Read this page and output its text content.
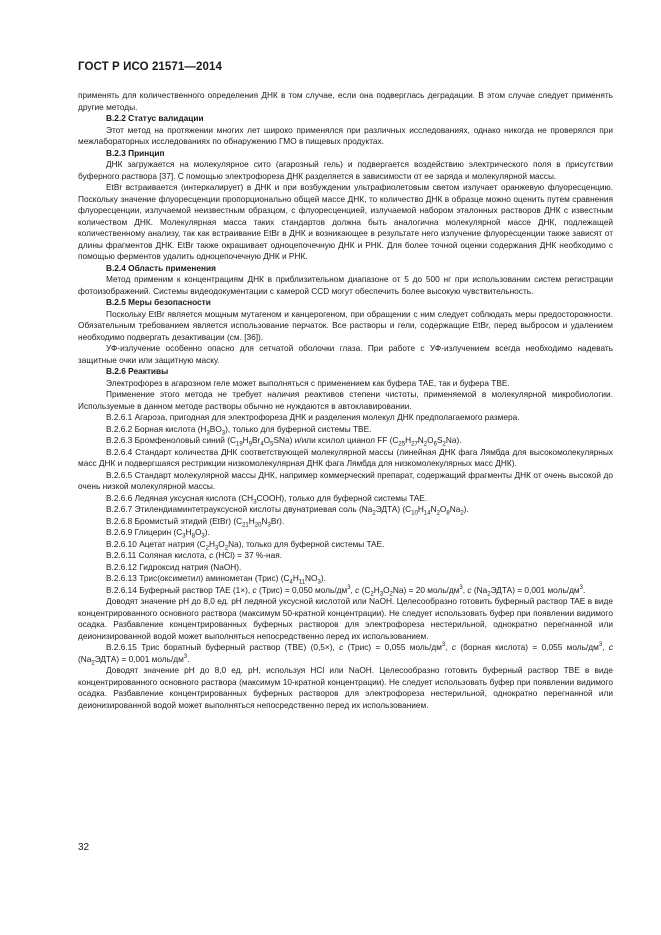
ГОСТ Р ИСО 21571—2014

применять для количественного определения ДНК в том случае, если она подверглась деградации. В этом случае следует применять другие методы.

В.2.2 Статус валидации

Этот метод на протяжении многих лет широко применялся при различных исследованиях, однако никогда не проверялся при межлабораторных исследованиях по обнаружению ГМО в пищевых продуктах.

В.2.3 Принцип

ДНК загружается на молекулярное сито (агарозный гель) и подвергается воздействию электрического поля в присутствии буферного раствора [37]. С помощью электрофореза ДНК разделяется в зависимости от ее заряда и молекулярной массы.

EtBr встраивается (интеркалирует) в ДНК и при возбуждении ультрафиолетовым светом излучает оранжевую флуоресценцию. Поскольку значение флуоресценции пропорционально общей массе ДНК, то количество ДНК в образце можно оценить путем сравнения флуоресценции, излучаемой неизвестным образцом, с флуоресценцией, излучаемой набором эталонных растворов ДНК с известным количеством ДНК. Молекулярная масса таких стандартов должна быть аналогична молекулярной массе ДНК, подлежащей количественному анализу, так как встраивание EtBr в ДНК и возникающее в результате него излучение флуоресценции также зависят от длины фрагментов ДНК. EtBr также окрашивает одноцепочечную ДНК и РНК. Для более точной оценки содержания ДНК необходимо с помощью ферментов удалить одноцепочечную ДНК и РНК.

В.2.4 Область применения

Метод применим к концентрациям ДНК в приблизительном диапазоне от 5 до 500 нг при использовании систем регистрации фотоизображений. Системы видеодокументации с камерой CCD могут обеспечить более высокую чувствительность.

В.2.5 Меры безопасности

Поскольку EtBr является мощным мутагеном и канцерогеном, при обращении с ним следует соблюдать меры предосторожности. Обязательным требованием является использование перчаток. Все растворы и гели, содержащие EtBr, перед выбросом и удалением необходимо подвергать дезактивации (см. [36]).

УФ-излучение особенно опасно для сетчатой оболочки глаза. При работе с УФ-излучением всегда необходимо надевать защитные очки или защитную маску.

В.2.6 Реактивы

Электрофорез в агарозном геле может выполняться с применением как буфера TAE, так и буфера TBE.

Применение этого метода не требует наличия реактивов степени чистоты, применяемой в молекулярной микробиологии. Используемые в данном методе растворы обычно не нуждаются в автоклавировании.

В.2.6.1 Агароза, пригодная для электрофореза ДНК и разделения молекул ДНК предполагаемого размера.

В.2.6.2 Борная кислота $(H_3BO_3)$, только для буферной системы TBE.

В.2.6.3 Бромфеноловый синий $(C_{19}H_9Br_4O_5SNa)$ и/или ксилол цианол FF $(C_{25}H_{27}N_2O_6S_2Na)$.

В.2.6.4 Стандарт количества ДНК соответствующей молекулярной массы (линейная ДНК фага Лямбда для высокомолекулярных масс ДНК и подвергшаяся рестрикции низкомолекулярная ДНК фага Лямбда для низкомолекулярных масс ДНК).

В.2.6.5 Стандарт молекулярной массы ДНК, например коммерческий препарат, содержащий фрагменты ДНК от очень высокой до очень низкой молекулярной массы.

В.2.6.6 Ледяная уксусная кислота $(CH_3COOH)$, только для буферной системы TAE.

В.2.6.7 Этилендиаминтетрауксусной кислоты двунатриевая соль $(Na_2ЭДТА)$ $(C_{10}H_{14}N_2O_8Na_2)$.

В.2.6.8 Бромистый этидий (EtBr) $(C_{21}H_{20}N_3Br)$.

В.2.6.9 Глицерин $(C_3H_8O_3)$.

В.2.6.10 Ацетат натрия $(C_2H_3O_2Na)$, только для буферной системы TAE.

В.2.6.11 Соляная кислота, c (HCl) = 37 %-ная.

В.2.6.12 Гидроксид натрия (NaOH).

В.2.6.13 Трис(оксиметил) аминометан (Трис) $(C_4H_{11}NO_3)$.

В.2.6.14 Буферный раствор TAE (1×), c (Трис) = 0,050 моль/$дм^3$, c $(C_2H_3O_2Na) = 20$ моль/$дм^3$, c $(Na_2ЭДТА) = 0,001$ моль/$дм^3$.

Доводят значение pH до 8,0 ед. pH ледяной уксусной кислотой или NaOH. Целесообразно готовить буферный раствор TAE в виде концентрированного основного раствора (максимум 50-кратной концентрации). Не следует использовать буфер при появлении видимого осадка. Разбавление концентрированных буферных растворов для электрофореза нестерильной, однократно перегнанной или деионизированной водой может выполняться непосредственно перед их использованием.

В.2.6.15 Трис боратный буферный раствор (TBE) (0,5×), c (Трис) = 0,055 моль/$дм^3$, c (борная кислота) = 0,055 моль/$дм^3$, c $(Na_2ЭДТА) = 0,001$ моль/$дм^3$.

Доводят значение pH до 8,0 ед. pH, используя HCl или NaOH. Целесообразно готовить буферный раствор TBE в виде концентрированного основного раствора (максимум 10-кратной концентрации). Не следует использовать буфер при появлении видимого осадка. Разбавление концентрированных буферных растворов для электрофореза нестерильной, однократно перегнанной или деионизированной водой может выполняться непосредственно перед их использованием.

32
